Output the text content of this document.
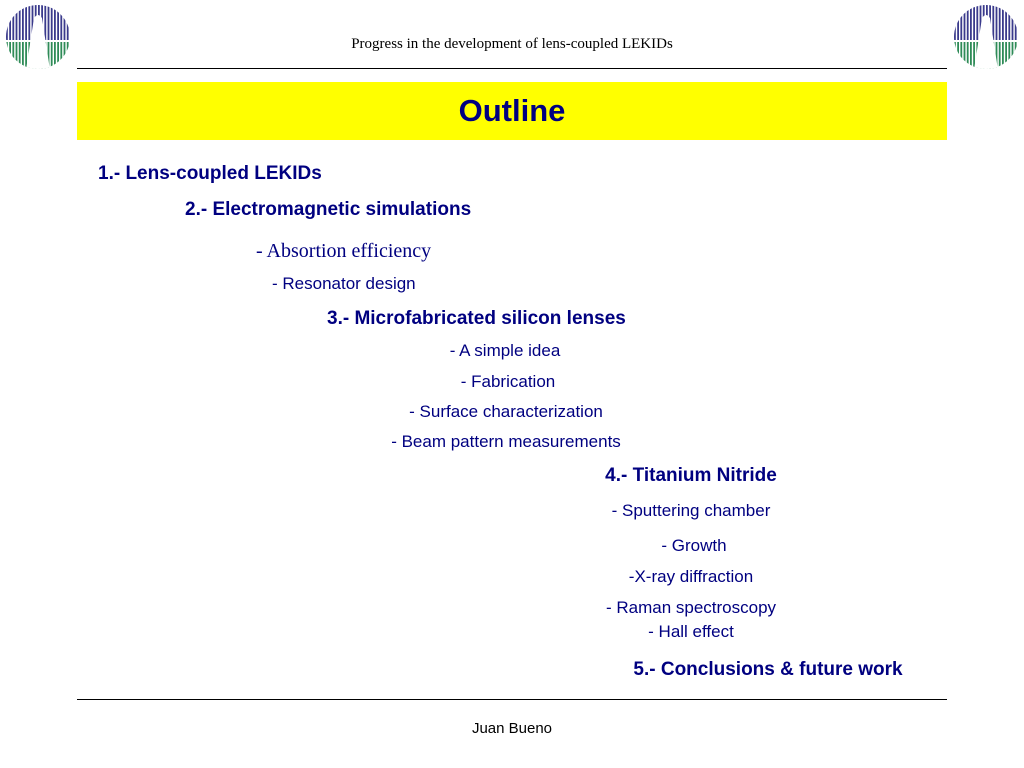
Progress in the development of lens-coupled LEKIDs
Outline
1.- Lens-coupled LEKIDs
2.- Electromagnetic simulations
- Absortion efficiency
- Resonator design
3.- Microfabricated silicon lenses
- A simple idea
- Fabrication
- Surface characterization
- Beam pattern measurements
4.- Titanium Nitride
- Sputtering chamber
- Growth
-X-ray diffraction
- Raman spectroscopy
- Hall effect
5.- Conclusions & future work
Juan Bueno
